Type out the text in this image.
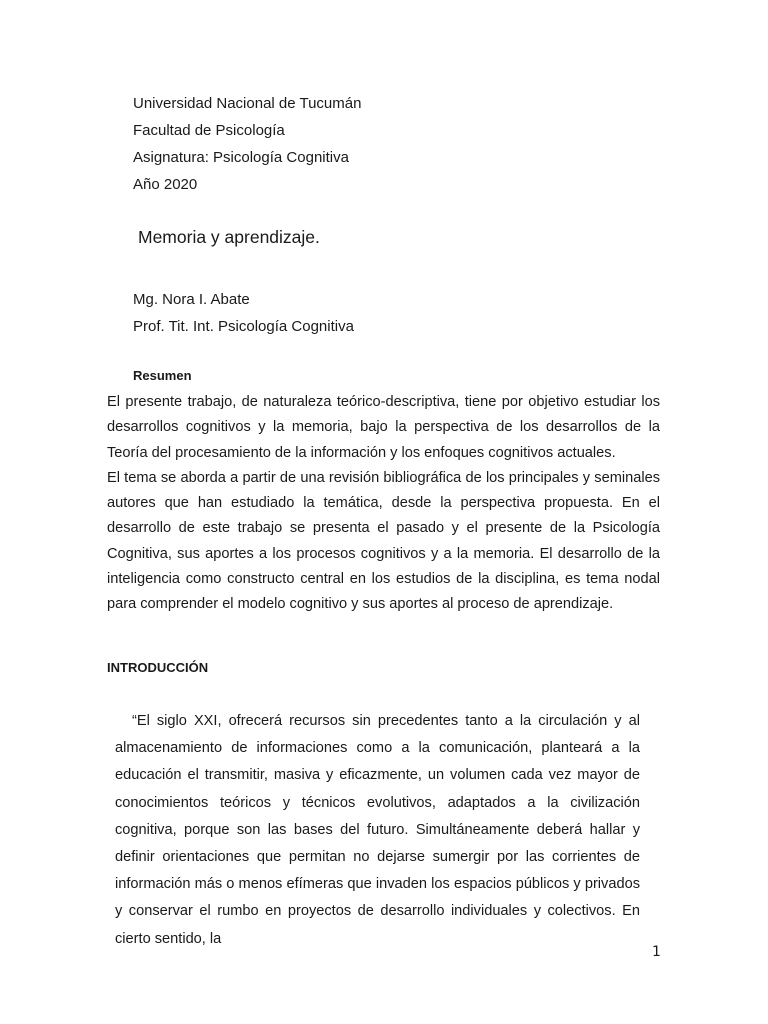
Universidad Nacional de Tucumán
Facultad de Psicología
Asignatura: Psicología Cognitiva
Año 2020
Memoria y aprendizaje.
Mg. Nora I. Abate
Prof. Tit. Int. Psicología Cognitiva
Resumen

El presente trabajo, de naturaleza teórico-descriptiva, tiene por objetivo estudiar los desarrollos cognitivos y la memoria, bajo la perspectiva de los desarrollos de la Teoría del procesamiento de la información y los enfoques cognitivos actuales.

El tema se aborda a partir de una revisión bibliográfica de los principales y seminales autores que han estudiado la temática, desde la perspectiva propuesta. En el desarrollo de este trabajo se presenta el pasado y el presente de la Psicología Cognitiva, sus aportes a los procesos cognitivos y a la memoria. El desarrollo de la inteligencia como constructo central en los estudios de la disciplina, es tema nodal para comprender el modelo cognitivo y sus aportes al proceso de aprendizaje.

INTRODUCCIÓN

“El siglo XXI, ofrecerá recursos sin precedentes tanto a la circulación y al almacenamiento de informaciones como a la comunicación, planteará a la educación el transmitir, masiva y eficazmente, un volumen cada vez mayor de conocimientos teóricos y técnicos evolutivos, adaptados a la civilización cognitiva, porque son las bases del futuro. Simultáneamente deberá hallar y definir orientaciones que permitan no dejarse sumergir por las corrientes de información más o menos efímeras que invaden los espacios públicos y privados y conservar el rumbo en proyectos de desarrollo individuales y colectivos. En cierto sentido, la

1
